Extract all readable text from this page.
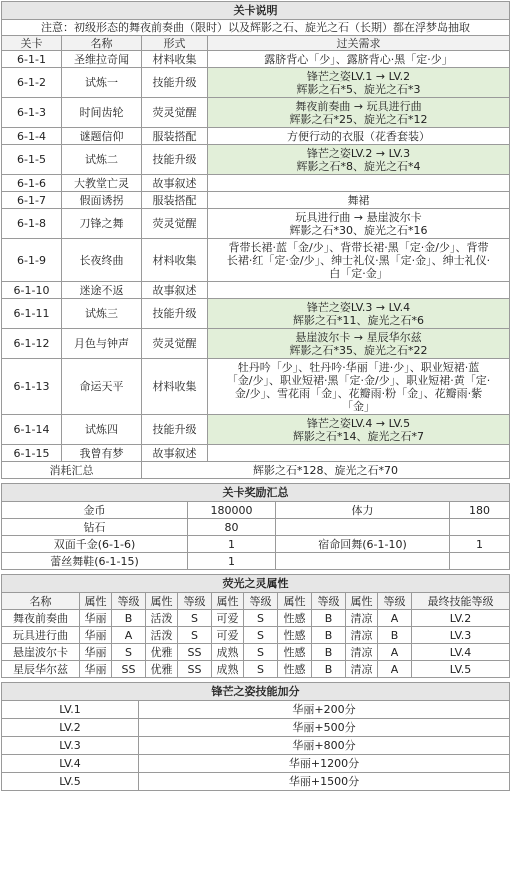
关卡说明			
注意：初级形态的舞夜前奏曲（限时）以及辉影之石、旋光之石（长期）都在浮梦岛抽取			
关卡	名称	形式	过关需求
6-1-1	圣维拉奇闻	材料收集	露脐背心「少」、露脐背心·黑「定·少」

6-1-2	试炼一	技能升级	锋芒之姿LV.1 → LV.2
辉影之石*5、旋光之石*3

6-1-3	时间齿轮	荧灵觉醒	舞夜前奏曲 → 玩具进行曲
辉影之石*25、旋光之石*12

6-1-4	谜题信仰	服装搭配	方便行动的衣服（花香套装）

6-1-5	试炼二	技能升级	锋芒之姿LV.2 → LV.3
辉影之石*8、旋光之石*4

6-1-6	大教堂亡灵	故事叙述	

6-1-7	假面诱拐	服装搭配	舞裙

6-1-8	刀锋之舞	荧灵觉醒	玩具进行曲 → 悬崖波尔卡
辉影之石*30、旋光之石*16

6-1-9	长夜终曲	材料收集	背带长裙·蓝「金/少」、背带长裙·黑「定·金/少」、背带
长裙·红「定·金/少」、绅士礼仪·黑「定·金」、绅士礼仪·
白「定·金」

6-1-10	迷途不返	故事叙述	

6-1-11	试炼三	技能升级	锋芒之姿LV.3 → LV.4
辉影之石*11、旋光之石*6

6-1-12	月色与钟声	荧灵觉醒	悬崖波尔卡 → 星辰华尔兹
辉影之石*35、旋光之石*22

6-1-13	命运天平	材料收集	牡丹吟「少」、牡丹吟·华丽「进·少」、职业短裙·蓝
「金/少」、职业短裙·黑「定·金/少」、职业短裙·黄「定·
金/少」、雪花雨「金」、花瓣雨·粉「金」、花瓣雨·紫
「金」

6-1-14	试炼四	技能升级	锋芒之姿LV.4 → LV.5
辉影之石*14、旋光之石*7

6-1-15	我曾有梦	故事叙述	

消耗汇总		辉影之石*128、旋光之石*70	
关卡奖励汇总			
金币	180000	体力	180
钻石	80		
双面千金(6-1-6)	1	宿命回舞(6-1-10)	1
蕾丝舞鞋(6-1-15)	1		
荧光之灵属性											
名称	属性	等级	属性	等级	属性	等级	属性	等级	属性	等级	最终技能等级
舞夜前奏曲	华丽	B	活泼	S	可爱	S	性感	B	清凉	A	LV.2
玩具进行曲	华丽	A	活泼	S	可爱	S	性感	B	清凉	B	LV.3
悬崖波尔卡	华丽	S	优雅	SS	成熟	S	性感	B	清凉	A	LV.4
星辰华尔兹	华丽	SS	优雅	SS	成熟	S	性感	B	清凉	A	LV.5
锋芒之姿技能加分	
LV.1	华丽+200分
LV.2	华丽+500分
LV.3	华丽+800分
LV.4	华丽+1200分
LV.5	华丽+1500分
